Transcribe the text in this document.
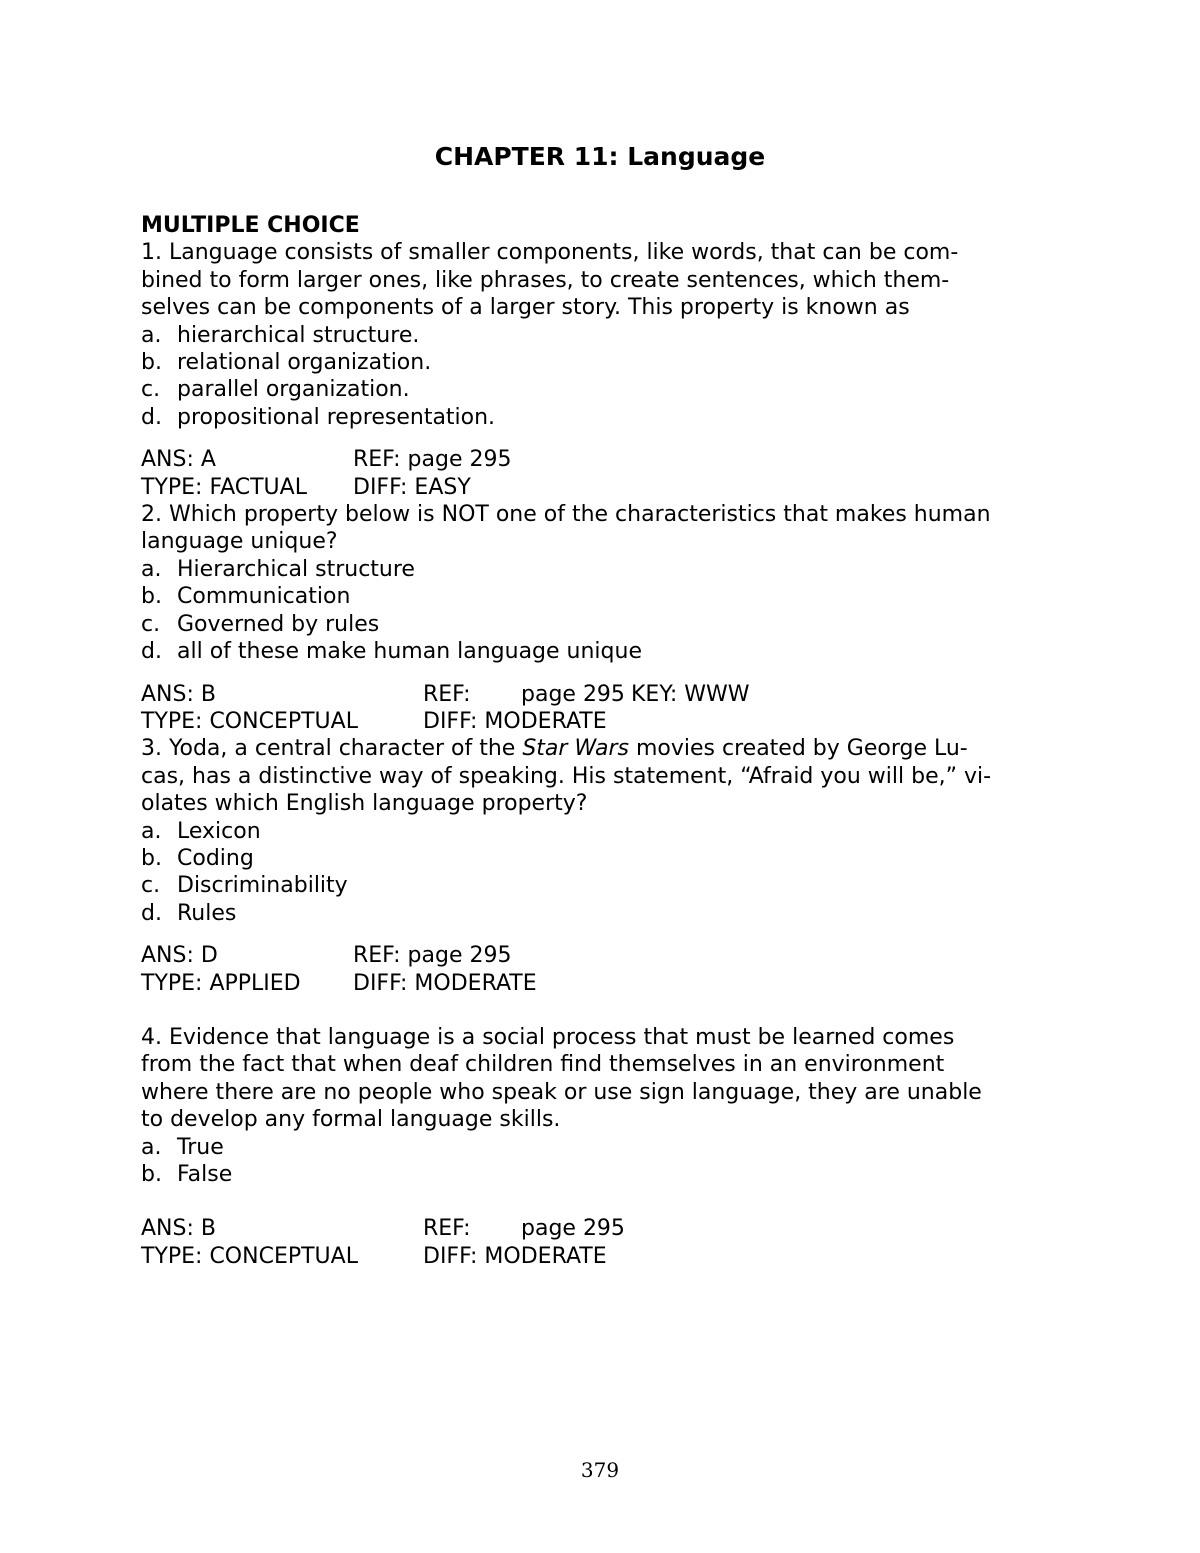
CHAPTER 11: Language
MULTIPLE CHOICE
1. Language consists of smaller components, like words, that can be com-
bined to form larger ones, like phrases, to create sentences, which them-
selves can be components of a larger story. This property is known as
a. hierarchical structure.
b. relational organization.
c. parallel organization.
d. propositional representation.
ANS: A	REF: page 295
TYPE: FACTUAL DIFF: EASY
2. Which property below is NOT one of the characteristics that makes human
language unique?
a. Hierarchical structure
b. Communication
c. Governed by rules
d. all of these make human language unique
ANS: B	REF: page 295 KEY: WWW
TYPE: CONCEPTUAL	DIFF: MODERATE
3. Yoda, a central character of the Star Wars movies created by George Lu-
cas, has a distinctive way of speaking. His statement, “Afraid you will be,” vi-
olates which English language property?
a. Lexicon
b. Coding
c. Discriminability
d. Rules
ANS: D	REF: page 295
TYPE: APPLIED DIFF: MODERATE
4. Evidence that language is a social process that must be learned comes
from the fact that when deaf children find themselves in an environment
where there are no people who speak or use sign language, they are unable
to develop any formal language skills.
a. True
b. False
ANS: B	REF: page 295
TYPE: CONCEPTUAL	DIFF: MODERATE
379
